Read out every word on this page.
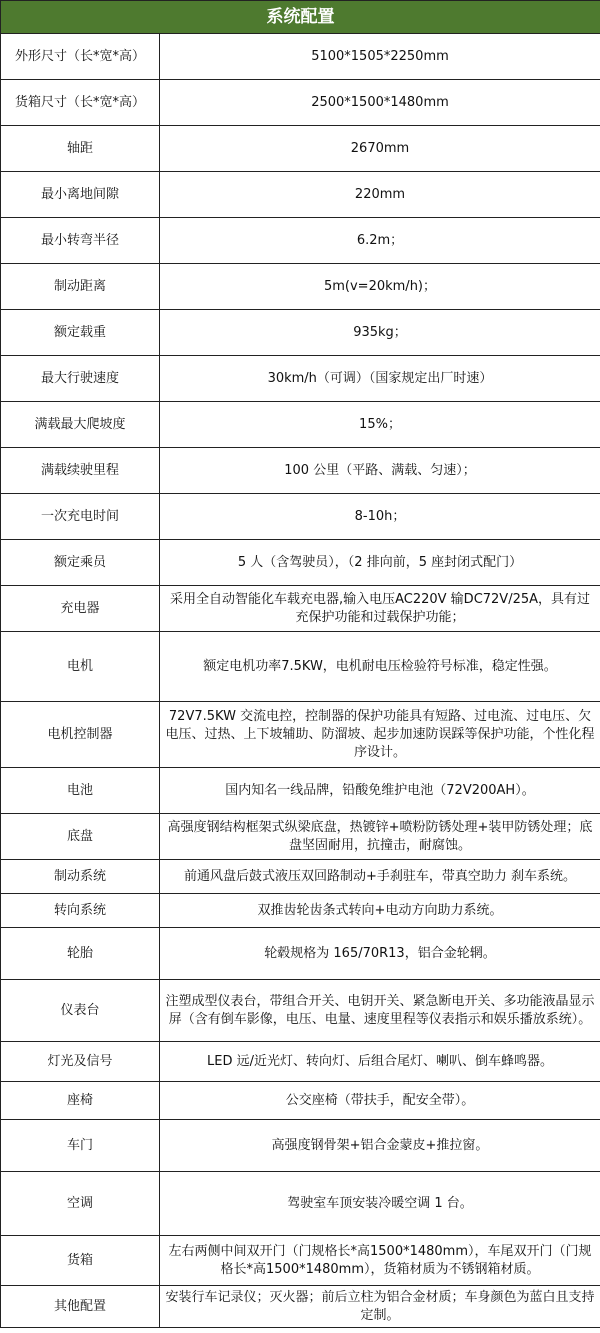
系统配置	
外形尺寸（长*宽*高）	5100*1505*2250mm
货箱尺寸（长*宽*高）	2500*1500*1480mm
轴距	2670mm
最小离地间隙	220mm
最小转弯半径	6.2m；
制动距离	5m(v=20km/h)；
额定载重	935kg；
最大行驶速度	30km/h（可调）（国家规定出厂时速）
满载最大爬坡度	15%；
满载续驶里程	100 公里（平路、满载、匀速）；
一次充电时间	8-10h；
额定乘员	5 人（含驾驶员），（2 排向前，5 座封闭式配门）
充电器	采用全自动智能化车载充电器,输入电压AC220V 输DC72V/25A，具有过充保护功能和过载保护功能；
电机	额定电机功率7.5KW，电机耐电压检验符号标准，稳定性强。
电机控制器	72V7.5KW 交流电控，控制器的保护功能具有短路、过电流、过电压、欠电压、过热、上下坡辅助、防溜坡、起步加速防误踩等保护功能，个性化程序设计。
电池	国内知名一线品牌，铅酸免维护电池（72V200AH）。
底盘	高强度钢结构框架式纵梁底盘，热镀锌+喷粉防锈处理+装甲防锈处理；底盘坚固耐用，抗撞击，耐腐蚀。
制动系统	前通风盘后鼓式液压双回路制动+手刹驻车，带真空助力 刹车系统。
转向系统	双推齿轮齿条式转向+电动方向助力系统。
轮胎	轮毂规格为 165/70R13，铝合金轮辋。
仪表台	注塑成型仪表台，带组合开关、电钥开关、紧急断电开关、多功能液晶显示屏（含有倒车影像，电压、电量、速度里程等仪表指示和娱乐播放系统）。
灯光及信号	LED 远/近光灯、转向灯、后组合尾灯、喇叭、倒车蜂鸣器。
座椅	公交座椅（带扶手，配安全带）。
车门	高强度钢骨架+铝合金蒙皮+推拉窗。
空调	驾驶室车顶安装冷暖空调 1 台。
货箱	左右两侧中间双开门（门规格长*高1500*1480mm），车尾双开门（门规格长*高1500*1480mm），货箱材质为不锈钢箱材质。
其他配置	安装行车记录仪；灭火器；前后立柱为铝合金材质；车身颜色为蓝白且支持定制。
